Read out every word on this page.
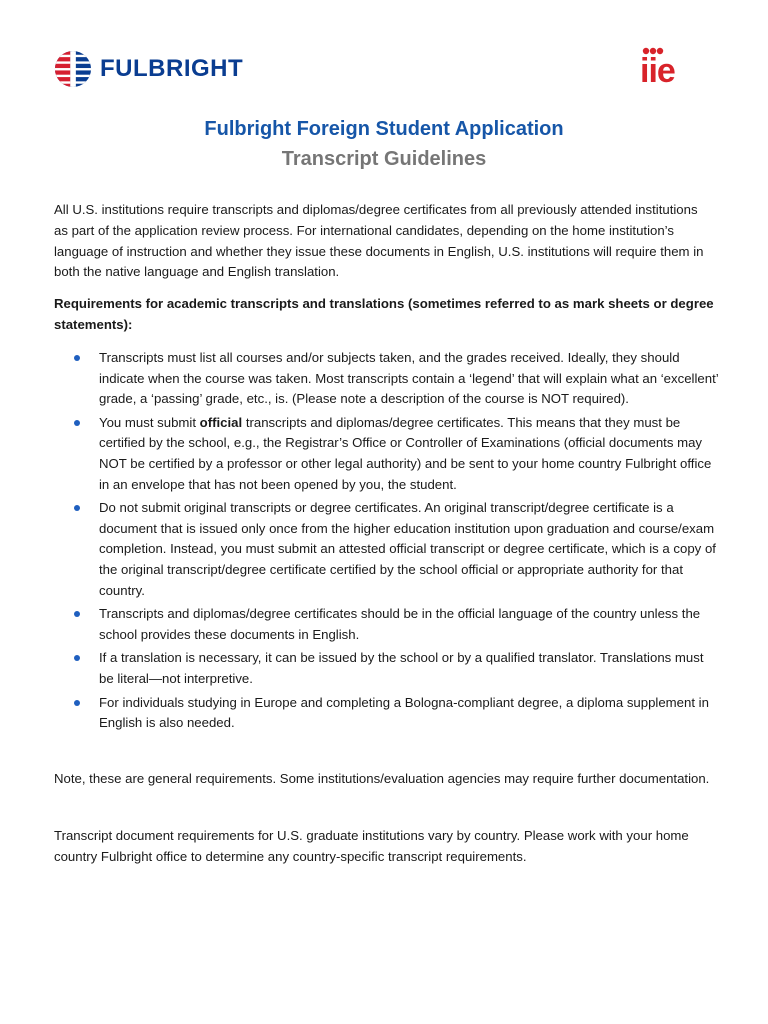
FULBRIGHT	iie
Fulbright Foreign Student Application
Transcript Guidelines
All U.S. institutions require transcripts and diplomas/degree certificates from all previously attended institutions as part of the application review process. For international candidates, depending on the home institution’s language of instruction and whether they issue these documents in English, U.S. institutions will require them in both the native language and English translation.
Requirements for academic transcripts and translations (sometimes referred to as mark sheets or degree statements):
Transcripts must list all courses and/or subjects taken, and the grades received. Ideally, they should indicate when the course was taken. Most transcripts contain a ‘legend’ that will explain what an ‘excellent’ grade, a ‘passing’ grade, etc., is. (Please note a description of the course is NOT required).
You must submit official transcripts and diplomas/degree certificates. This means that they must be certified by the school, e.g., the Registrar’s Office or Controller of Examinations (official documents may NOT be certified by a professor or other legal authority) and be sent to your home country Fulbright office in an envelope that has not been opened by you, the student.
Do not submit original transcripts or degree certificates. An original transcript/degree certificate is a document that is issued only once from the higher education institution upon graduation and course/exam completion. Instead, you must submit an attested official transcript or degree certificate, which is a copy of the original transcript/degree certificate certified by the school official or appropriate authority for that country.
Transcripts and diplomas/degree certificates should be in the official language of the country unless the school provides these documents in English.
If a translation is necessary, it can be issued by the school or by a qualified translator. Translations must be literal—not interpretive.
For individuals studying in Europe and completing a Bologna-compliant degree, a diploma supplement in English is also needed.
Note, these are general requirements. Some institutions/evaluation agencies may require further documentation.
Transcript document requirements for U.S. graduate institutions vary by country. Please work with your home country Fulbright office to determine any country-specific transcript requirements.
